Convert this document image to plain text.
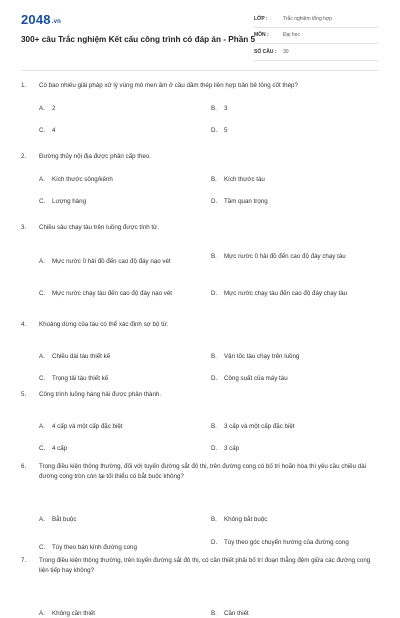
2048.vn
300+ câu Trắc nghiệm Kết cấu công trình có đáp án - Phần 5
LỚP :	Trắc nghiệm tổng hợp
MÔN :	Đại học
SỐ CÂU :	30
1.	Có bao nhiêu giải pháp xử lý vùng mô men âm ở cầu dầm thép liên hợp bản bê tông cốt thép?
A.	2	B.	3
C.	4	D.	5
2.	Đường thủy nội địa được phân cấp theo.
A.	Kích thước sông/kênh	B.	Kích thước tàu
C.	Lượng hàng	D.	Tầm quan trọng
3.	Chiều sâu chạy tàu trên luồng được tính từ.
A.	Mực nước 0 hải đồ đến cao độ đáy nạo vét
B.	Mực nước 0 hải đồ đến cao độ đáy chạy tàu
C.	Mực nước chạy tàu đến cao độ đáy nạo vét	D.	Mực nước chạy tàu đến cao độ đáy chạy tàu
4.	Khoảng dừng của tàu có thể xác định sơ bộ từ.
A.	Chiều dài tàu thiết kế	B.	Vận tốc tàu chạy trên luồng
C.	Trọng tải tàu thiết kế	D.	Công suất của máy tàu
5.	Công trình luồng hàng hải được phân thành.
A.	4 cấp và một cấp đặc biệt	B.	3 cấp và một cấp đặc biệt
C.	4 cấp	D.	3 cấp
6.	Trong điều kiện thông thường, đối với tuyến đường sắt đô thị, trên đường cong có bố trí hoãn hòa thì yêu cầu chiều dài đường cong tròn còn lại tối thiểu có bắt buộc không?
A.	Bắt buộc	B.	Không bắt buộc
C.	Tùy theo bán kính đường cong
D.	Tùy theo góc chuyển hướng của đường cong
7.	Trong điều kiện thông thường, trên tuyến đường sắt đô thị, có cần thiết phải bố trí đoạn thẳng đệm giữa các đường cong liên tiếp hay không?
A.	Không cần thiết	B.	Cần thiết
